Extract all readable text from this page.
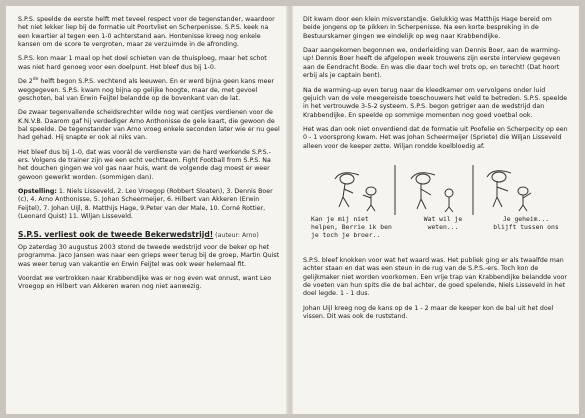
S.P.S. speelde de eerste helft met teveel respect voor de tegenstander, waardoor het niet lekker liep bij de formatie uit Poortvliet en Scherpenisse. S.P.S. keek na een kwartier al tegen een 1-0 achterstand aan. Hontenisse kreeg nog enkele kansen om de score te vergroten, maar ze verzuimde in de afronding.

S.P.S. kon maar 1 maal op het doel schieten van de thuisploeg, maar het schot was niet hard genoeg voor een doelpunt. Het bleef dus bij 1-0.

De 2de helft begon S.P.S. vechtend als leeuwen. En er werd bijna geen kans meer weggegeven. S.P.S. kwam nog bijna op gelijke hoogte, maar de, met gevoel geschoten, bal van Erwin Feijtel belandde op de bovenkant van de lat.

De zwaar tegenvallende scheidsrechter wilde nog wat centjes verdienen voor de K.N.V.B. Daarom gaf hij verdediger Arno Anthonisse de gele kaart, die gewoon de bal speelde. De tegenstander van Arno vroeg enkele seconden later wie er nu geel had gehad. Hij snapte er ook al niks van.

Het bleef dus bij 1-0, dat was voorál de verdienste van de hard werkende S.P.S.-ers. Volgens de trainer zijn we een echt vechtteam. Fight Football from S.P.S. Na het douchen gingen we vol gas naar huis, want de volgende dag moest er weer gewoon gewerkt worden. (sommigen dan).

Opstelling: 1. Niels Lisseveld, 2. Leo Vroegop (Robbert Sloaten), 3. Dennis Boer (c), 4. Arno Anthonisse, 5. Johan Scheermeijer, 6. Hilbert van Akkeren (Erwin Feijtel), 7. Johan Uijl, 8. Matthijs Hage, 9.Peter van der Male, 10. Corné Rottier, (Leonard Quist) 11. Wiljan Lisseveld.

S.P.S. verliest ook de tweede Bekerwedstrijd! (auteur: Arno)

Op zaterdag 30 augustus 2003 stond de tweede wedstrijd voor de beker op het programma. Jaco Jansen was naar een grieps weer terug bij de groep, Martin Quist was weer terug van vakantie en Erwin Feijtel was ook weer helemaal fit.

Voordat we vertrokken naar Krabbendijke was er nog even wat onrust, want Leo Vroegop en Hilbert van Akkeren waren nog niet aanwezig.

Dit kwam door een klein misverstandje. Gelukkig was Matthijs Hage bereid om beide jongens op te pikken in Scherpenisse. Na een korte bespreking in de Bestuurskamer gingen we eindelijk op weg naar Krabbendijke.

Daar aangekomen begonnen we, onderleiding van Dennis Boer, aan de warming-up! Dennis Boer heeft de afgelopen week trouwens zijn eerste interview gegeven aan de Eendracht Bode. En was die daar toch wel trots op, en terecht! (Dat hoort erbij als je captain bent).

Na de warming-up even terug naar de kleedkamer om vervolgens onder luid gejuich van de vele meegereisde toeschouwers het veld te betreden. S.P.S. speelde in het vertrouwde 3-5-2 systeem. S.P.S. begon getriger aan de wedstrijd dan Krabbendijke. En speelde op sommige momenten nog goed voetbal ook.

Het was dan ook niet onverdiend dat de formatie uit Poofelie en Scherpecity op een 0 - 1 voorsprong kwam. Het was Johan Scheermeijer (Spriete) die Wiljan Lisseveld alleen voor de keeper zette. Wiljan rondde koelbloedig af.

Kan je mij niet helpen, Berrie ik ben je toch je broer..
Wat wil je weten...
Je geheim... blijft tussen ons

S.P.S. bleef knokken voor wat het waard was. Het publiek ging er als twaalfde man achter staan en dat was een steun in de rug van de S.P.S.-ers. Toch kon de gelijkmaker niet worden voorkomen. Een vrije trap van Krabbendijke belandde voor de voeten van hun spits die de bal achter, de goed spelende, Niels Lisseveld in het doel legde. 1 - 1 dus.

Johan Uijl kreeg nog de kans op de 1 - 2 maar de keeper kon de bal uit het doel vissen. Dit was ook de ruststand.
